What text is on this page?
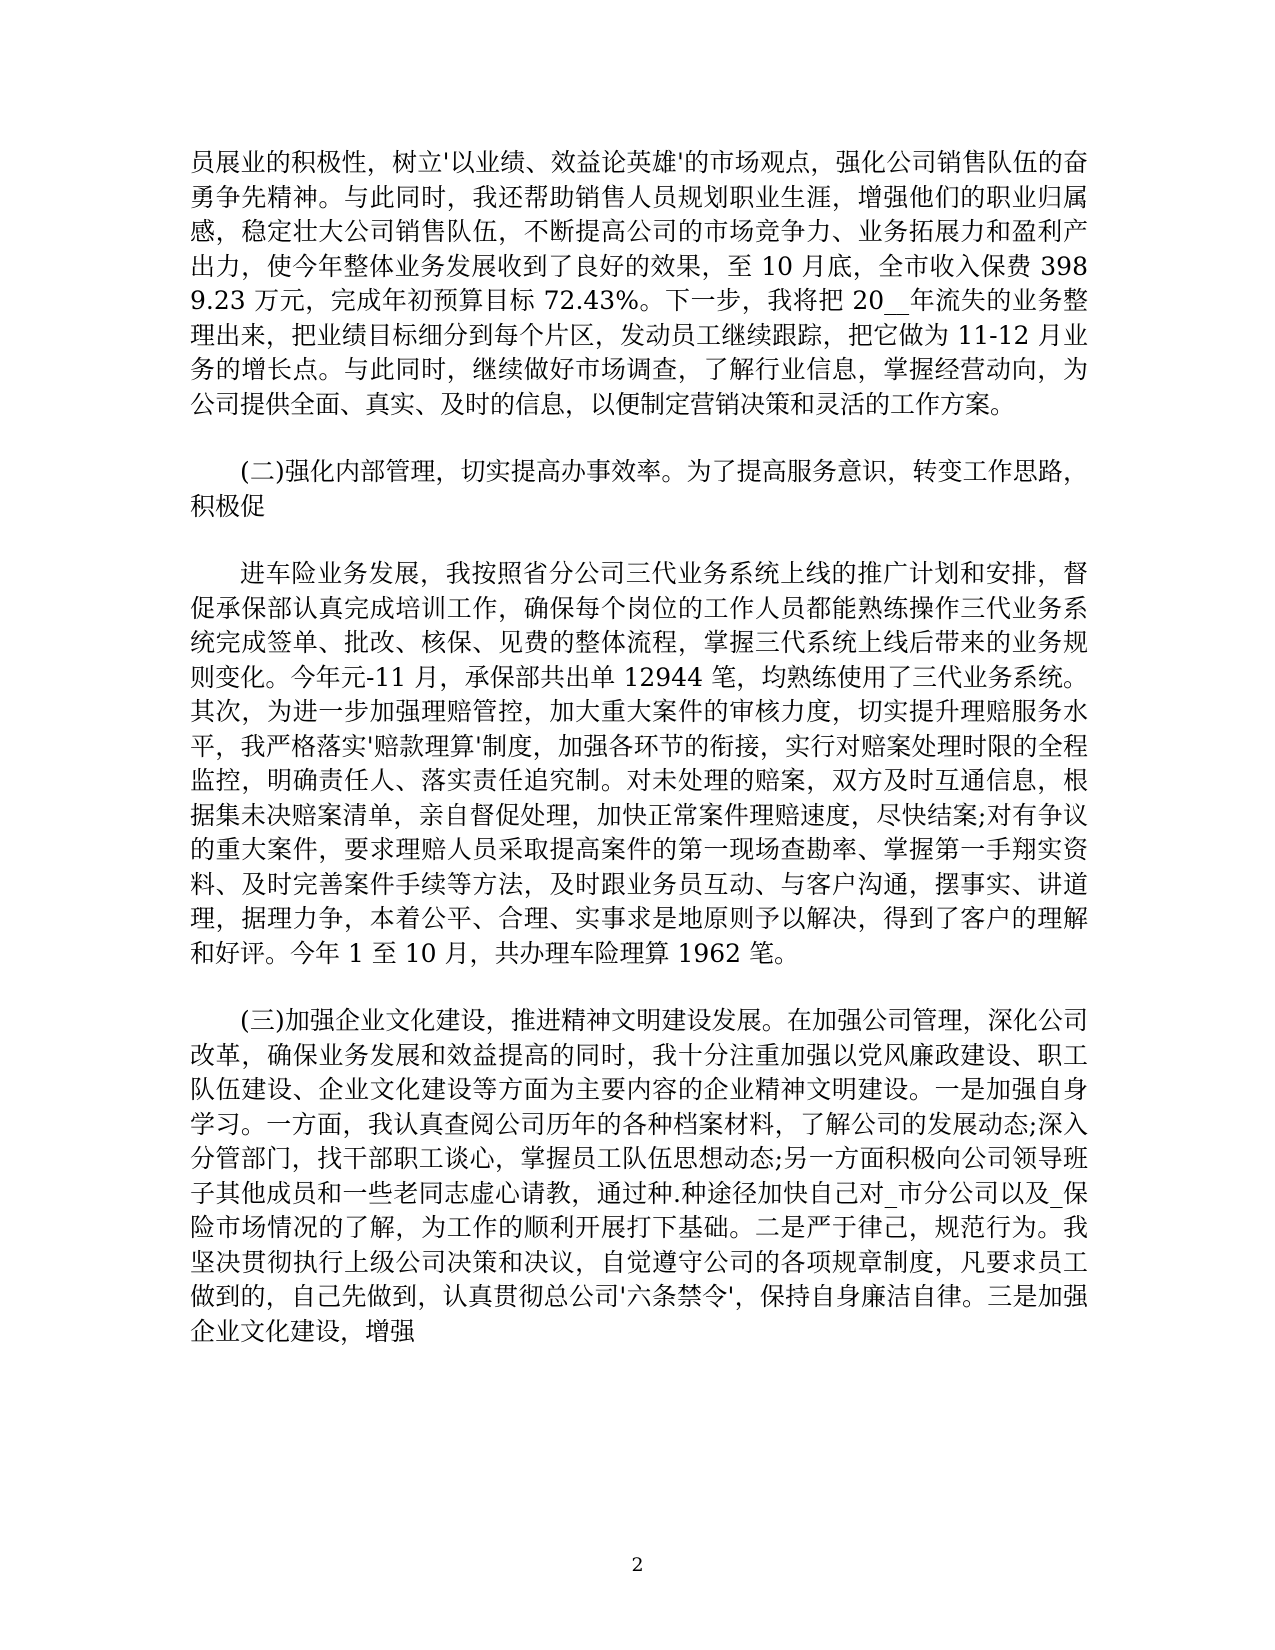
员展业的积极性，树立'以业绩、效益论英雄'的市场观点，强化公司销售队伍的奋勇争先精神。与此同时，我还帮助销售人员规划职业生涯，增强他们的职业归属感，稳定壮大公司销售队伍，不断提高公司的市场竞争力、业务拓展力和盈利产出力，使今年整体业务发展收到了良好的效果，至 10 月底，全市收入保费 3989.23 万元，完成年初预算目标 72.43%。下一步，我将把 20__年流失的业务整理出来，把业绩目标细分到每个片区，发动员工继续跟踪，把它做为 11-12 月业务的增长点。与此同时，继续做好市场调查，了解行业信息，掌握经营动向，为公司提供全面、真实、及时的信息，以便制定营销决策和灵活的工作方案。

(二)强化内部管理，切实提高办事效率。为了提高服务意识，转变工作思路，积极促

进车险业务发展，我按照省分公司三代业务系统上线的推广计划和安排，督促承保部认真完成培训工作，确保每个岗位的工作人员都能熟练操作三代业务系统完成签单、批改、核保、见费的整体流程，掌握三代系统上线后带来的业务规则变化。今年元-11 月，承保部共出单 12944 笔，均熟练使用了三代业务系统。其次，为进一步加强理赔管控，加大重大案件的审核力度，切实提升理赔服务水平，我严格落实'赔款理算'制度，加强各环节的衔接，实行对赔案处理时限的全程监控，明确责任人、落实责任追究制。对未处理的赔案，双方及时互通信息，根据集未决赔案清单，亲自督促处理，加快正常案件理赔速度，尽快结案;对有争议的重大案件，要求理赔人员采取提高案件的第一现场查勘率、掌握第一手翔实资料、及时完善案件手续等方法，及时跟业务员互动、与客户沟通，摆事实、讲道理，据理力争，本着公平、合理、实事求是地原则予以解决，得到了客户的理解和好评。今年 1 至 10 月，共办理车险理算 1962 笔。

(三)加强企业文化建设，推进精神文明建设发展。在加强公司管理，深化公司改革，确保业务发展和效益提高的同时，我十分注重加强以党风廉政建设、职工队伍建设、企业文化建设等方面为主要内容的企业精神文明建设。一是加强自身学习。一方面，我认真查阅公司历年的各种档案材料，了解公司的发展动态;深入分管部门，找干部职工谈心，掌握员工队伍思想动态;另一方面积极向公司领导班子其他成员和一些老同志虚心请教，通过种.种途径加快自己对_市分公司以及_保险市场情况的了解，为工作的顺利开展打下基础。二是严于律己，规范行为。我坚决贯彻执行上级公司决策和决议，自觉遵守公司的各项规章制度，凡要求员工做到的，自己先做到，认真贯彻总公司'六条禁令'，保持自身廉洁自律。三是加强企业文化建设，增强

2
